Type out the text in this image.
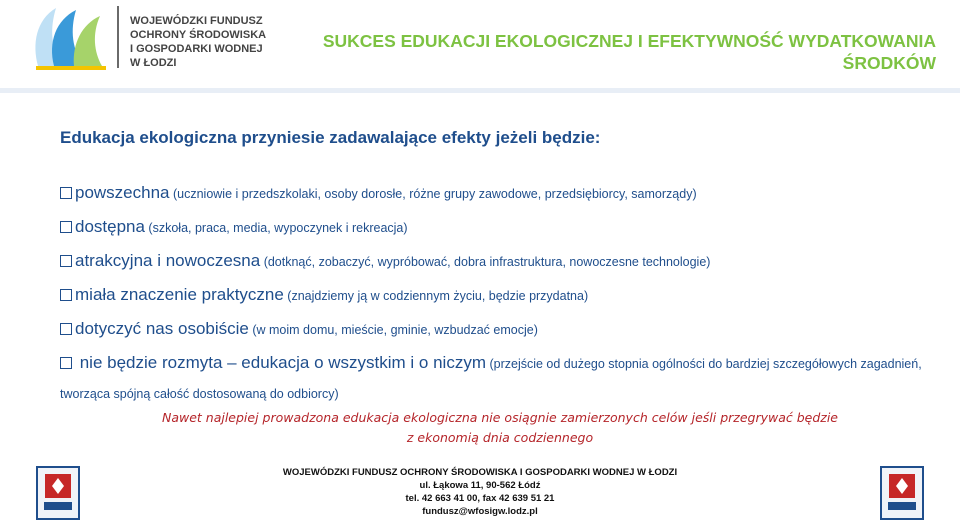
WOJEWÓDZKI FUNDUSZ
OCHRONY ŚRODOWISKA
I GOSPODARKI WODNEJ
W ŁODZI
SUKCES EDUKACJI EKOLOGICZNEJ I EFEKTYWNOŚĆ WYDATKOWANIA
ŚRODKÓW
Edukacja ekologiczna przyniesie zadawalające efekty jeżeli będzie:
powszechna (uczniowie i przedszkolaki, osoby dorosłe, różne grupy zawodowe, przedsiębiorcy, samorządy)
dostępna (szkoła, praca, media, wypoczynek i rekreacja)
atrakcyjna i nowoczesna (dotknąć, zobaczyć, wypróbować, dobra infrastruktura, nowoczesne technologie)
miała znaczenie praktyczne (znajdziemy ją w codziennym życiu, będzie przydatna)
dotyczyć nas osobiście (w moim domu, mieście, gminie, wzbudzać emocje)
nie będzie rozmyta – edukacja o wszystkim i o niczym (przejście od dużego stopnia ogólności do bardziej szczegółowych zagadnień,
tworząca spójną całość dostosowaną do odbiorcy)
Nawet najlepiej prowadzona edukacja ekologiczna nie osiągnie zamierzonych celów jeśli przegrywać będzie
z ekonomią dnia codziennego
WOJEWÓDZKI FUNDUSZ OCHRONY ŚRODOWISKA I GOSPODARKI WODNEJ W ŁODZI
ul. Łąkowa 11, 90-562 Łódź
tel. 42 663 41 00, fax 42 639 51 21
fundusz@wfosigw.lodz.pl
